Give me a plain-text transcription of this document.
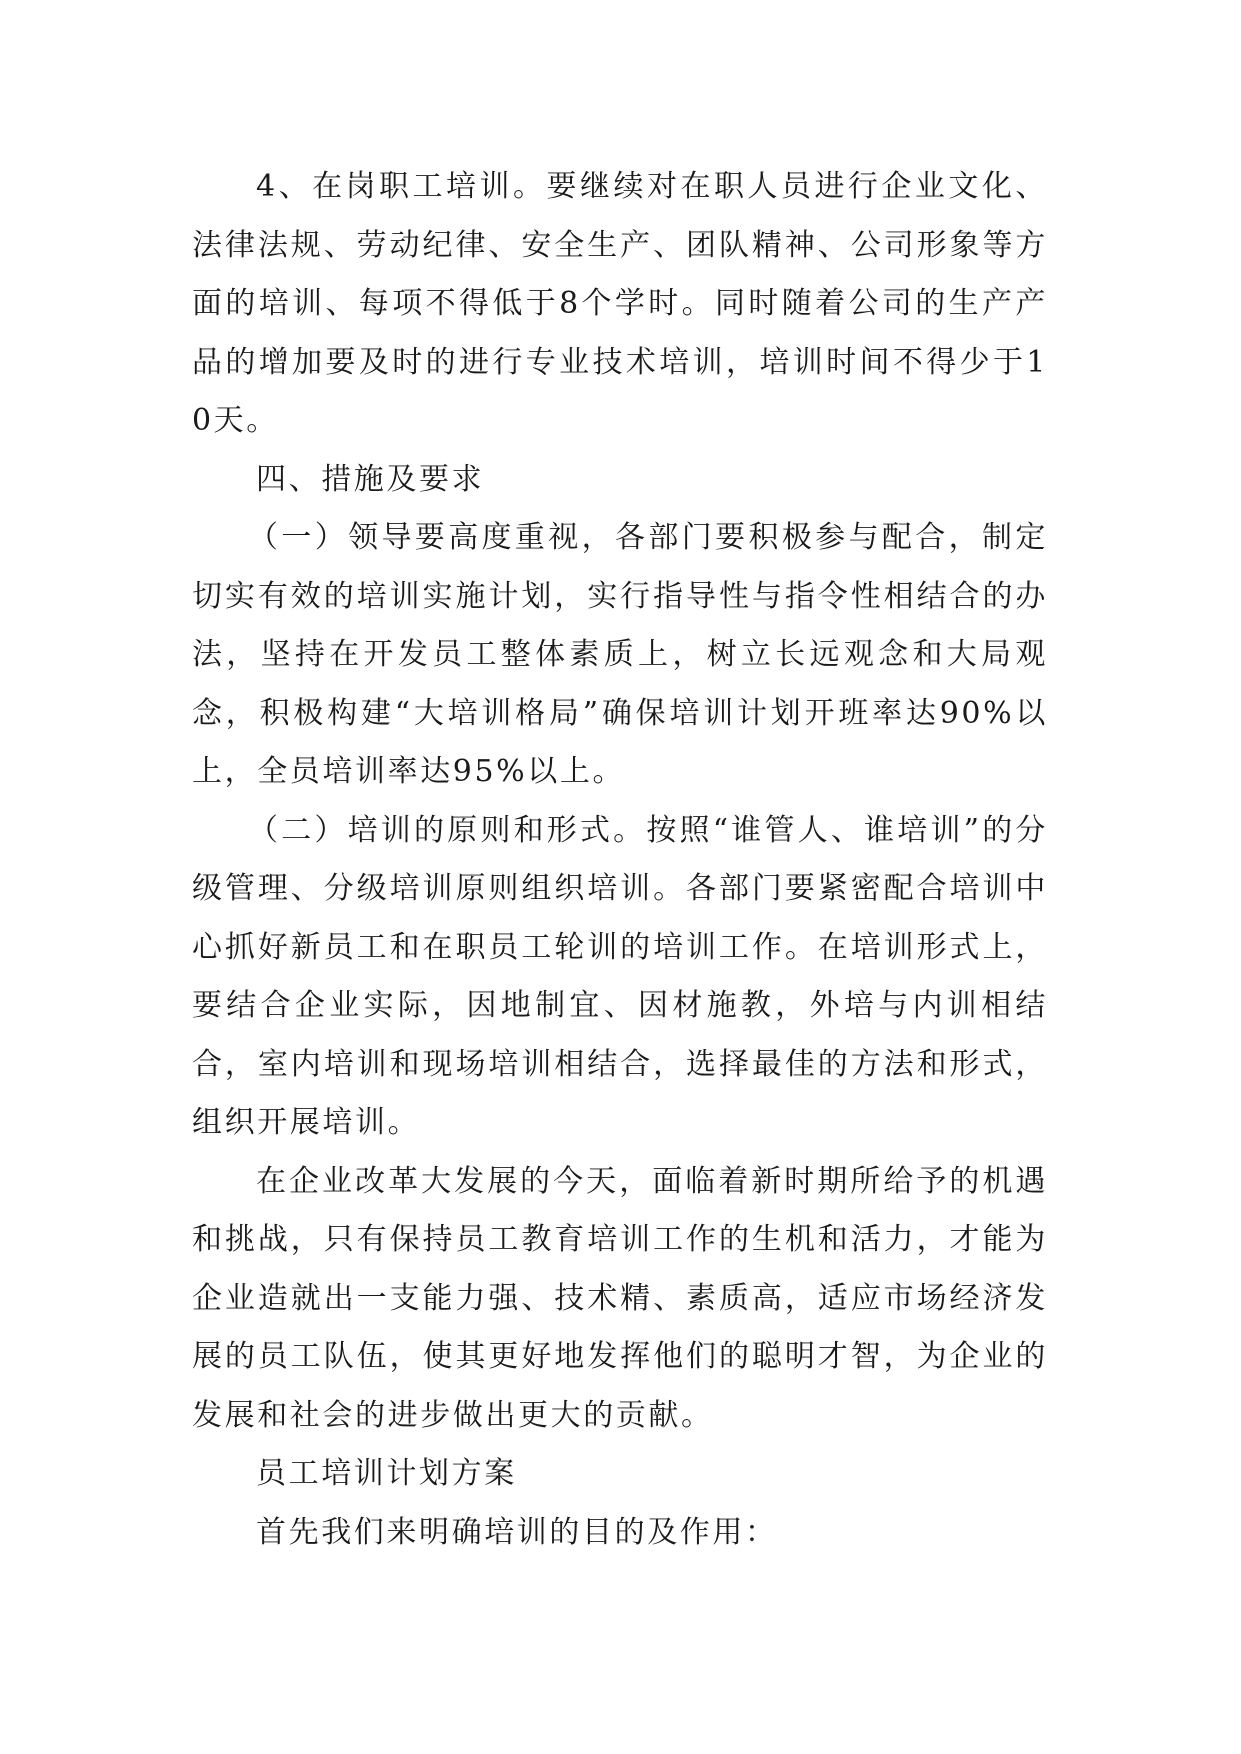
4、在岗职工培训。要继续对在职人员进行企业文化、法律法规、劳动纪律、安全生产、团队精神、公司形象等方面的培训、每项不得低于8个学时。同时随着公司的生产产品的增加要及时的进行专业技术培训，培训时间不得少于10天。

四、措施及要求

（一）领导要高度重视，各部门要积极参与配合，制定切实有效的培训实施计划，实行指导性与指令性相结合的办法，坚持在开发员工整体素质上，树立长远观念和大局观念，积极构建“大培训格局”确保培训计划开班率达90%以上，全员培训率达95%以上。

（二）培训的原则和形式。按照“谁管人、谁培训”的分级管理、分级培训原则组织培训。各部门要紧密配合培训中心抓好新员工和在职员工轮训的培训工作。在培训形式上，要结合企业实际，因地制宜、因材施教，外培与内训相结合，室内培训和现场培训相结合，选择最佳的方法和形式，组织开展培训。

在企业改革大发展的今天，面临着新时期所给予的机遇和挑战，只有保持员工教育培训工作的生机和活力，才能为企业造就出一支能力强、技术精、素质高，适应市场经济发展的员工队伍，使其更好地发挥他们的聪明才智，为企业的发展和社会的进步做出更大的贡献。

员工培训计划方案

首先我们来明确培训的目的及作用：
